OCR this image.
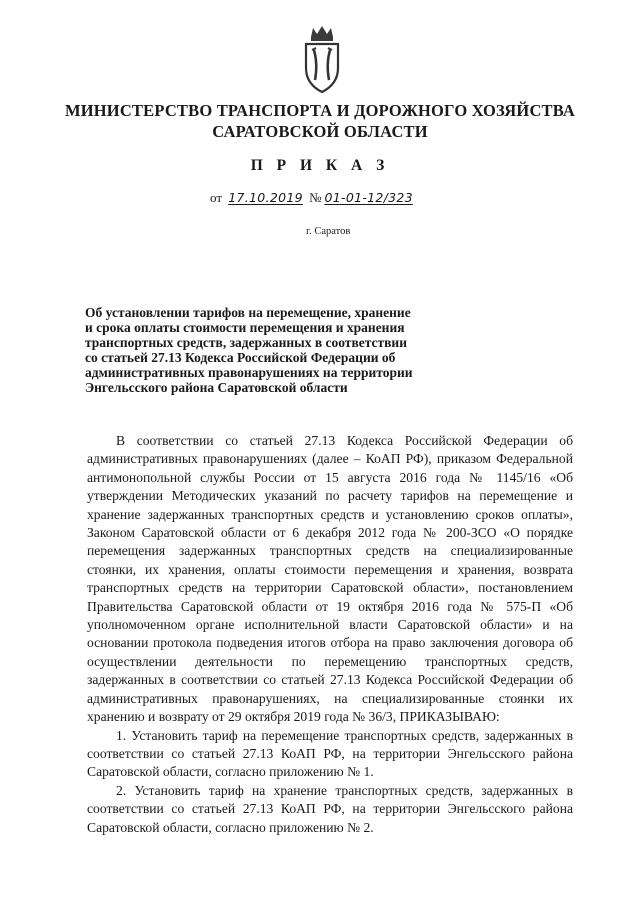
МИНИСТЕРСТВО ТРАНСПОРТА И ДОРОЖНОГО ХОЗЯЙСТВА
САРАТОВСКОЙ ОБЛАСТИ
П Р И К А З
от 17.10.2019 № 01-01-12/323
г. Саратов
Об установлении тарифов на перемещение, хранение
и срока оплаты стоимости перемещения и хранения
транспортных средств, задержанных в соответствии
со статьей 27.13 Кодекса Российской Федерации об
административных правонарушениях на территории
Энгельсского района Саратовской области

В соответствии со статьей 27.13 Кодекса Российской Федерации об административных правонарушениях (далее – КоАП РФ), приказом Федеральной антимонопольной службы России от 15 августа 2016 года № 1145/16 «Об утверждении Методических указаний по расчету тарифов на перемещение и хранение задержанных транспортных средств и установлению сроков оплаты», Законом Саратовской области от 6 декабря 2012 года № 200-ЗСО «О порядке перемещения задержанных транспортных средств на специализированные стоянки, их хранения, оплаты стоимости перемещения и хранения, возврата транспортных средств на территории Саратовской области», постановлением Правительства Саратовской области от 19 октября 2016 года № 575-П «Об уполномоченном органе исполнительной власти Саратовской области» и на основании протокола подведения итогов отбора на право заключения договора об осуществлении деятельности по перемещению транспортных средств, задержанных в соответствии со статьей 27.13 Кодекса Российской Федерации об административных правонарушениях, на специализированные стоянки их хранению и возврату от 29 октября 2019 года № 36/3, ПРИКАЗЫВАЮ:

1. Установить тариф на перемещение транспортных средств, задержанных в соответствии со статьей 27.13 КоАП РФ, на территории Энгельсского района Саратовской области, согласно приложению № 1.

2. Установить тариф на хранение транспортных средств, задержанных в соответствии со статьей 27.13 КоАП РФ, на территории Энгельсского района Саратовской области, согласно приложению № 2.
